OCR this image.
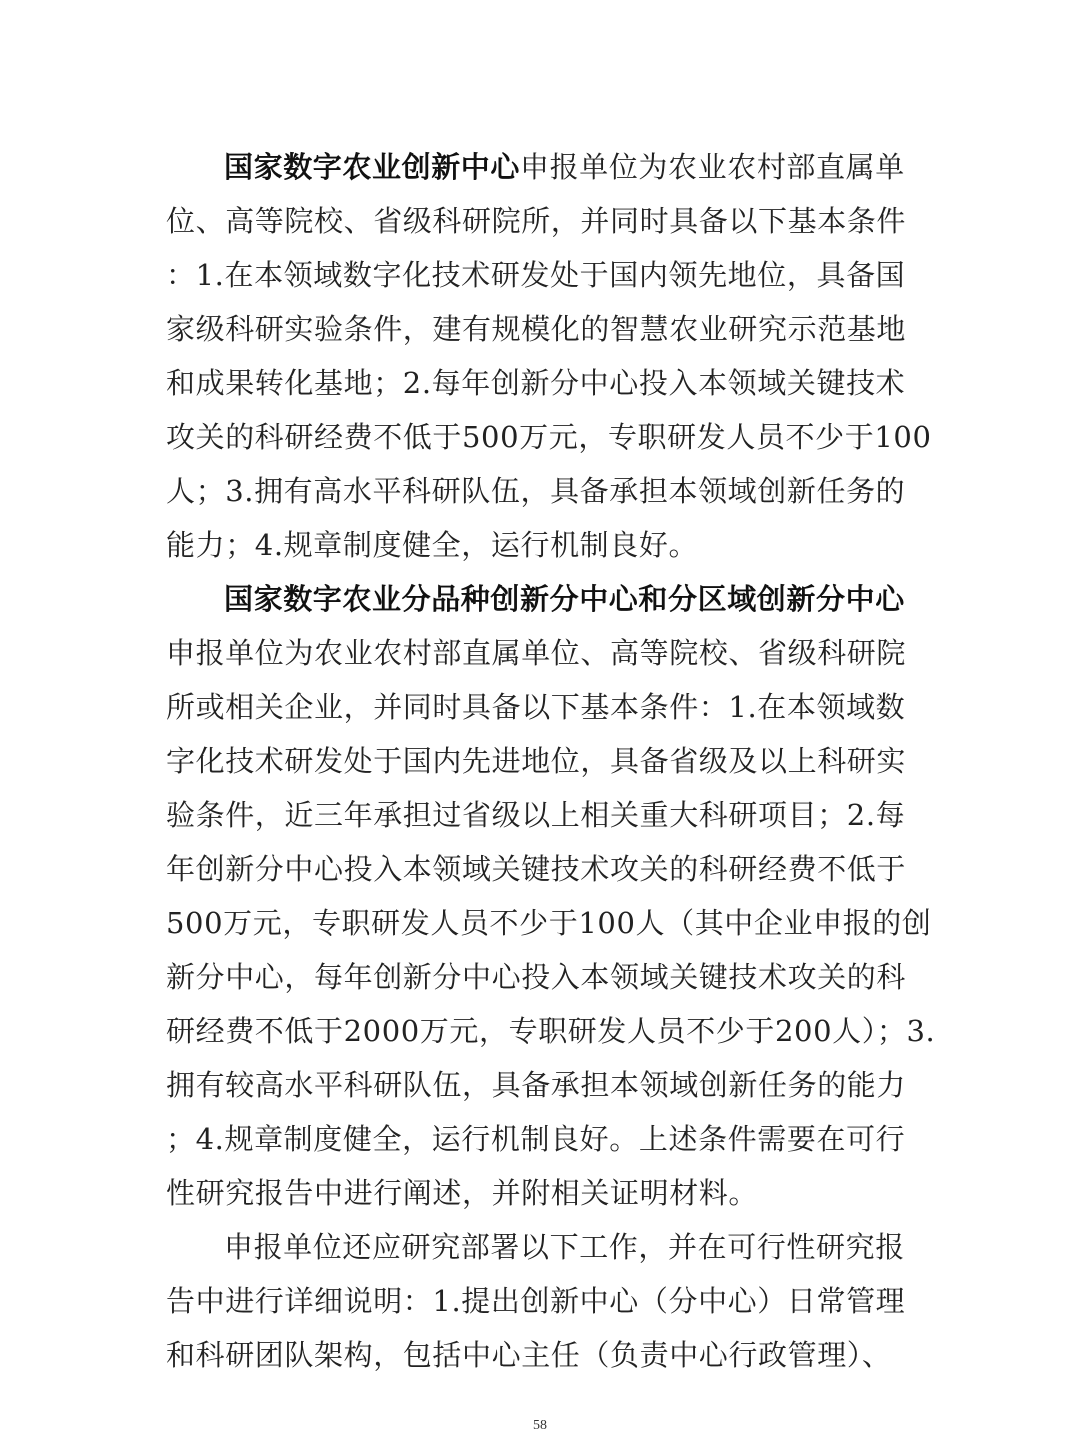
国家数字农业创新中心申报单位为农业农村部直属单
位、高等院校、省级科研院所，并同时具备以下基本条件
：1.在本领域数字化技术研发处于国内领先地位，具备国
家级科研实验条件，建有规模化的智慧农业研究示范基地
和成果转化基地；2.每年创新分中心投入本领域关键技术
攻关的科研经费不低于500万元，专职研发人员不少于100
人；3.拥有高水平科研队伍，具备承担本领域创新任务的
能力；4.规章制度健全，运行机制良好。
国家数字农业分品种创新分中心和分区域创新分中心
申报单位为农业农村部直属单位、高等院校、省级科研院
所或相关企业，并同时具备以下基本条件：1.在本领域数
字化技术研发处于国内先进地位，具备省级及以上科研实
验条件，近三年承担过省级以上相关重大科研项目；2.每
年创新分中心投入本领域关键技术攻关的科研经费不低于
500万元，专职研发人员不少于100人（其中企业申报的创
新分中心，每年创新分中心投入本领域关键技术攻关的科
研经费不低于2000万元，专职研发人员不少于200人）；3.
拥有较高水平科研队伍，具备承担本领域创新任务的能力
；4.规章制度健全，运行机制良好。上述条件需要在可行
性研究报告中进行阐述，并附相关证明材料。
申报单位还应研究部署以下工作，并在可行性研究报
告中进行详细说明：1.提出创新中心（分中心）日常管理
和科研团队架构，包括中心主任（负责中心行政管理）、
58
